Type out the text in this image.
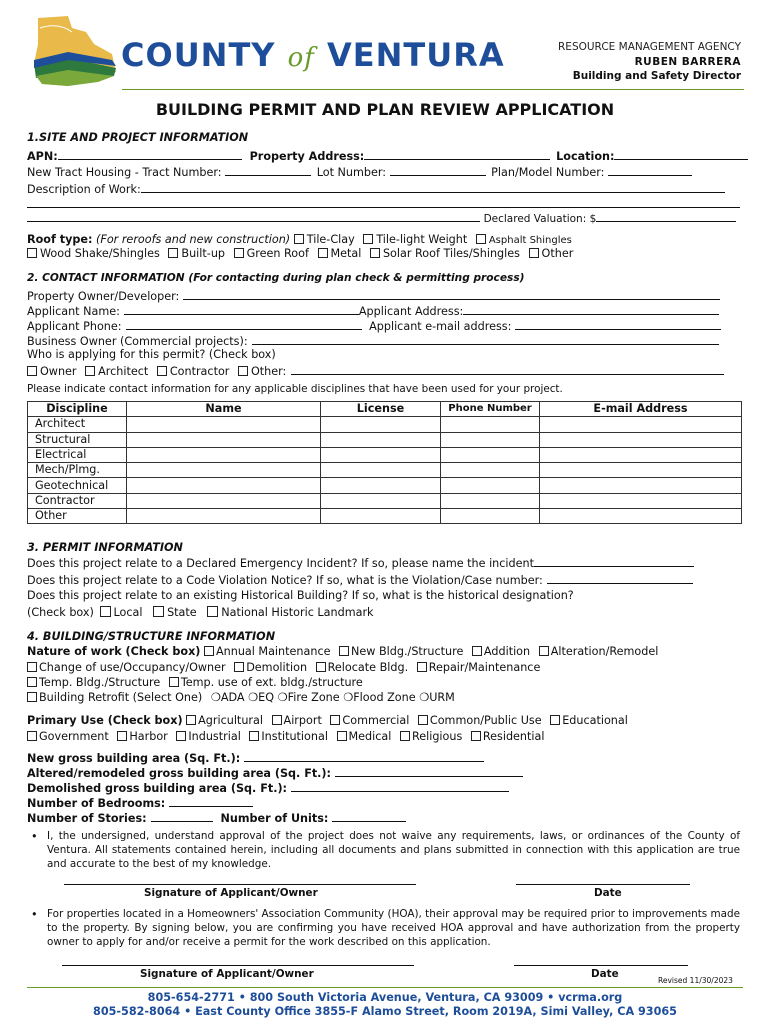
COUNTY of VENTURA	RESOURCE MANAGEMENT AGENCY
RUBEN BARRERA
Building and Safety Director
BUILDING PERMIT AND PLAN REVIEW APPLICATION
1.SITE AND PROJECT INFORMATION
APN:	Property Address:	Location:
New Tract Housing - Tract Number:	Lot Number:	Plan/Model Number:
Description of Work:
Declared Valuation: $
Roof type: (For reroofs and new construction) Tile-Clay Tile-light Weight Asphalt Shingles
Wood Shake/Shingles Built-up Green Roof Metal Solar Roof Tiles/Shingles Other
2. CONTACT INFORMATION (For contacting during plan check & permitting process)
Property Owner/Developer:
Applicant Name:	Applicant Address:
Applicant Phone:	Applicant e-mail address:
Business Owner (Commercial projects):
Who is applying for this permit? (Check box)
Owner Architect Contractor Other:
Please indicate contact information for any applicable disciplines that have been used for your project.
Discipline	Name	License	Phone Number	E-mail Address
Architect				
Structural				
Electrical				
Mech/Plmg.				
Geotechnical				
Contractor				
Other				
3. PERMIT INFORMATION
Does this project relate to a Declared Emergency Incident? If so, please name the incident
Does this project relate to a Code Violation Notice? If so, what is the Violation/Case number:
Does this project relate to an existing Historical Building? If so, what is the historical designation?
(Check box) Local State National Historic Landmark
4. BUILDING/STRUCTURE INFORMATION
Nature of work (Check box) Annual Maintenance New Bldg./Structure Addition Alteration/Remodel
Change of use/Occupancy/Owner Demolition Relocate Bldg. Repair/Maintenance
Temp. Bldg./Structure Temp. use of ext. bldg./structure
Building Retrofit (Select One) ❍ADA ❍EQ ❍Fire Zone ❍Flood Zone ❍URM
Primary Use (Check box) Agricultural Airport Commercial Common/Public Use Educational
Government Harbor Industrial Institutional Medical Religious Residential
New gross building area (Sq. Ft.):
Altered/remodeled gross building area (Sq. Ft.):
Demolished gross building area (Sq. Ft.):
Number of Bedrooms:
Number of Stories:	Number of Units:
• I, the undersigned, understand approval of the project does not waive any requirements, laws, or ordinances of the County of Ventura. All statements contained herein, including all documents and plans submitted in connection with this application are true and accurate to the best of my knowledge.
Signature of Applicant/Owner	Date
• For properties located in a Homeowners' Association Community (HOA), their approval may be required prior to improvements made to the property. By signing below, you are confirming you have received HOA approval and have authorization from the property owner to apply for and/or receive a permit for the work described on this application.
Signature of Applicant/Owner	Date
Revised 11/30/2023
805-654-2771 • 800 South Victoria Avenue, Ventura, CA 93009 • vcrma.org
805-582-8064 • East County Office 3855-F Alamo Street, Room 2019A, Simi Valley, CA 93065
